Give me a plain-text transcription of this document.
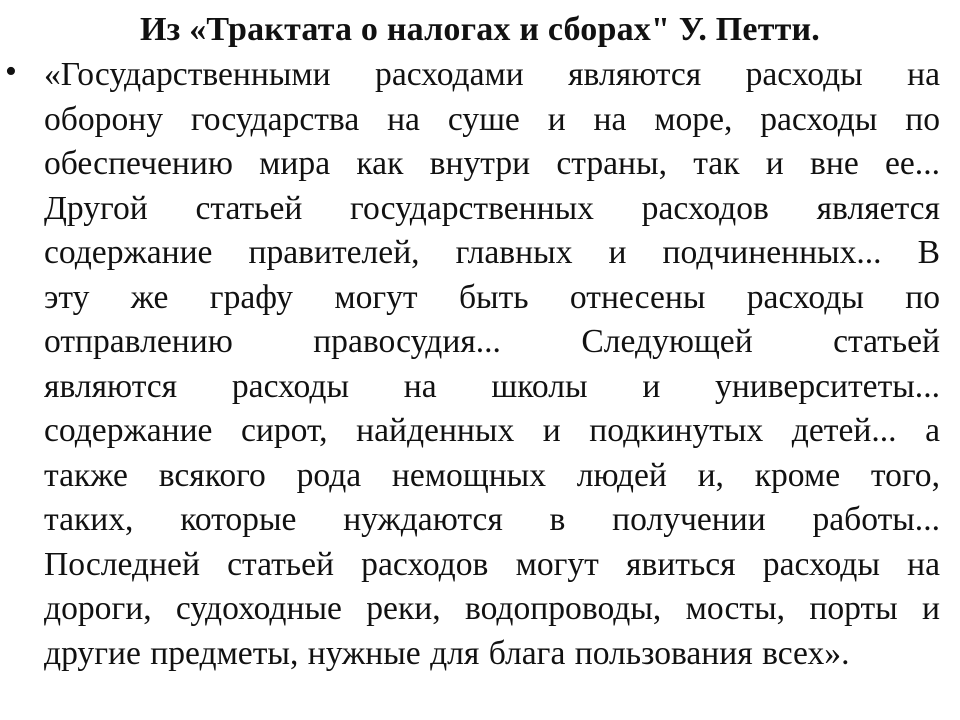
Из «Трактата о налогах и сборах" У. Петти.
• «Государственными расходами являются расходы на
оборону государства на суше и на море, расходы по
обеспечению мира как внутри страны, так и вне ее...
Другой статьей государственных расходов является
содержание правителей, главных и подчиненных... В
эту же графу могут быть отнесены расходы по
отправлению правосудия... Следующей статьей
являются расходы на школы и университеты...
содержание сирот, найденных и подкинутых детей... а
также всякого рода немощных людей и, кроме того,
таких, которые нуждаются в получении работы...
Последней статьей расходов могут явиться расходы на
дороги, судоходные реки, водопроводы, мосты, порты и
другие предметы, нужные для блага пользования всех».
